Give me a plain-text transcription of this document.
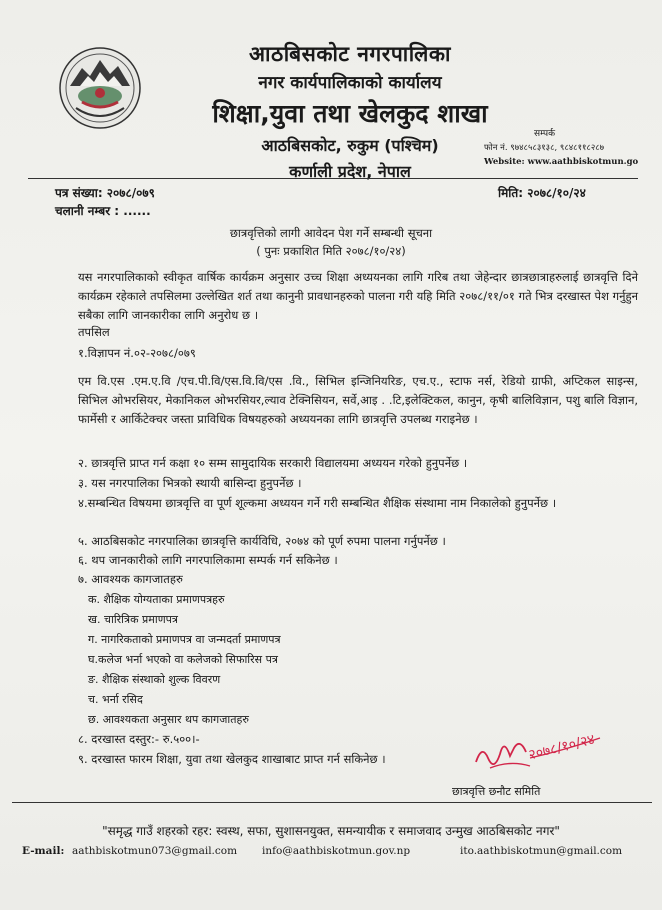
आठबिसकोट नगरपालिका
नगर कार्यपालिकाको कार्यालय
शिक्षा,युवा तथा खेलकुद शाखा
आठबिसकोट, रुकुम (पश्चिम)
कर्णाली प्रदेश, नेपाल
सम्पर्क
फोन नं. ९७४८५८३१३८, ९८४८११८२८७
Website: www.aathbiskotmun.go
पत्र संख्या: २०७८/०७९
चलानी नम्बर : ......
मिति: २०७८/१०/२४
छात्रवृत्तिको लागी आवेदन पेश गर्ने सम्बन्धी सूचना
( पुनः प्रकाशित मिति २०७८/१०/२४)
यस नगरपालिकाको स्वीकृत वार्षिक कार्यक्रम अनुसार उच्च शिक्षा अध्ययनका लागि गरिब तथा जेहेन्दार छात्रछात्राहरुलाई छात्रवृत्ति दिने कार्यक्रम रहेकाले तपसिलमा उल्लेखित शर्त तथा कानुनी प्रावधानहरुको पालना गरी यहि मिति २०७८/११/०१ गते भित्र दरखास्त पेश गर्नुहुन सबैका लागि जानकारीका लागि अनुरोध छ ।
तपसिल
१.विज्ञापन नं.०२-२०७८/०७९
एम वि.एस .एम.ए.वि /एच.पी.वि/एस.वि.वि/एस .वि., सिभिल इन्जिनियरिङ, एच.ए., स्टाफ नर्स, रेडियो ग्राफी, अप्टिकल साइन्स, सिभिल ओभरसियर, मेकानिकल ओभरसियर,ल्याव टेक्निसियन, सर्वे,आइ . .टि,इलेक्टिकल, कानुन, कृषी बालिविज्ञान, पशु बालि विज्ञान, फार्मेसी र आर्किटेक्चर जस्ता प्राविधिक विषयहरुको अध्ययनका लागि छात्रवृत्ति उपलब्ध गराइनेछ ।
२. छात्रवृत्ति प्राप्त गर्न कक्षा १० सम्म सामुदायिक सरकारी विद्यालयमा अध्ययन गरेको हुनुपर्नेछ ।
३. यस नगरपालिका भित्रको स्थायी बासिन्दा हुनुपर्नेछ ।
४.सम्बन्धित विषयमा छात्रवृत्ति वा पूर्ण शूल्कमा अध्ययन गर्ने गरी सम्बन्धित शैक्षिक संस्थामा नाम निकालेको हुनुपर्नेछ ।
५. आठबिसकोट नगरपालिका छात्रवृत्ति कार्यविधि, २०७४ को पूर्ण रुपमा पालना गर्नुपर्नेछ ।
६. थप जानकारीको लागि नगरपालिकामा सम्पर्क गर्न सकिनेछ ।
७. आवश्यक कागजातहरु
क. शैक्षिक योग्यताका प्रमाणपत्रहरु
ख. चारित्रिक प्रमाणपत्र
ग. नागरिकताको प्रमाणपत्र वा जन्मदर्ता प्रमाणपत्र
घ.कलेज भर्ना भएको वा कलेजको सिफारिस पत्र
ङ. शैक्षिक संस्थाको शुल्क विवरण
च. भर्ना रसिद
छ. आवश्यकता अनुसार थप कागजातहरु
८. दरखास्त दस्तुर:- रु.५००।-
९. दरखास्त फारम शिक्षा, युवा तथा खेलकुद शाखाबाट प्राप्त गर्न सकिनेछ ।	२०७८/१०/२४
छात्रवृत्ति छनौट समिति
"समृद्ध गाउँ शहरको रहर: स्वस्थ, सफा, सुशासनयुक्त, समन्यायीक र समाजवाद उन्मुख आठबिसकोट नगर"
E-mail: aathbiskotmun073@gmail.com info@aathbiskotmun.gov.np	ito.aathbiskotmun@gmail.com
